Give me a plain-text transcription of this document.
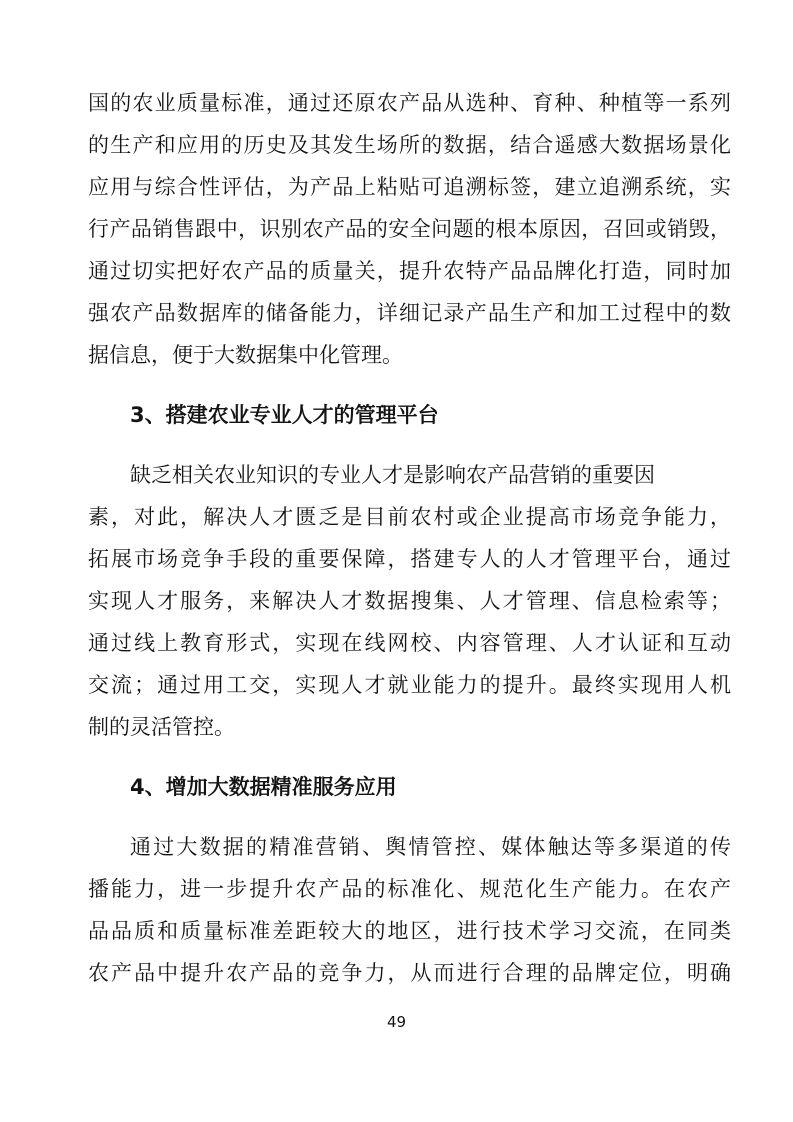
国的农业质量标准，通过还原农产品从选种、育种、种植等一系列
的生产和应用的历史及其发生场所的数据，结合遥感大数据场景化
应用与综合性评估，为产品上粘贴可追溯标签，建立追溯系统，实
行产品销售跟中，识别农产品的安全问题的根本原因，召回或销毁，
通过切实把好农产品的质量关，提升农特产品品牌化打造，同时加
强农产品数据库的储备能力，详细记录产品生产和加工过程中的数
据信息，便于大数据集中化管理。
3、搭建农业专业人才的管理平台
缺乏相关农业知识的专业人才是影响农产品营销的重要因
素，对此，解决人才匮乏是目前农村或企业提高市场竞争能力，
拓展市场竞争手段的重要保障，搭建专人的人才管理平台，通过
实现人才服务，来解决人才数据搜集、人才管理、信息检索等；
通过线上教育形式，实现在线网校、内容管理、人才认证和互动
交流；通过用工交，实现人才就业能力的提升。最终实现用人机
制的灵活管控。
4、增加大数据精准服务应用
通过大数据的精准营销、舆情管控、媒体触达等多渠道的传
播能力，进一步提升农产品的标准化、规范化生产能力。在农产
品品质和质量标准差距较大的地区，进行技术学习交流，在同类
农产品中提升农产品的竞争力，从而进行合理的品牌定位，明确
49
